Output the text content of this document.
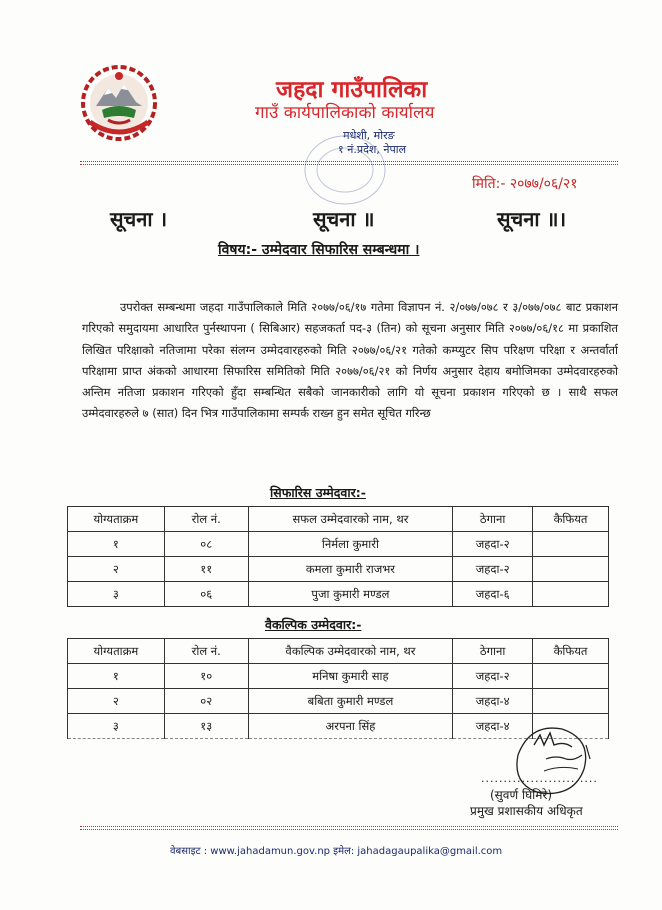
जहदा गाउँपालिका
गाउँ कार्यपालिकाको कार्यालय
मधेशी, मोरङ
१ नं.प्रदेश, नेपाल
मिति:- २०७७/०६/२१
सूचना ।	सूचना ॥	सूचना ॥।
विषय:- उम्मेदवार सिफारिस सम्बन्धमा ।
उपरोक्त सम्बन्धमा जहदा गाउँपालिकाले मिति २०७७/०६/१७ गतेमा विज्ञापन नं. २/०७७/०७८ र ३/०७७/०७८ बाट प्रकाशन गरिएको समुदायमा आधारित पुर्नस्थापना ( सिबिआर) सहजकर्ता पद-३ (तिन) को सूचना अनुसार मिति २०७७/०६/१८ मा प्रकाशित लिखित परिक्षाको नतिजामा परेका संलग्न उम्मेदवारहरुको मिति २०७७/०६/२१ गतेको कम्प्युटर सिप परिक्षण परिक्षा र अन्तर्वार्ता परिक्षामा प्राप्त अंकको आधारमा सिफारिस समितिको मिति २०७७/०६/२१ को निर्णय अनुसार देहाय बमोजिमका उम्मेदवारहरुको अन्तिम नतिजा प्रकाशन गरिएको हुँदा सम्बन्धित सबैको जानकारीको लागि यो सूचना प्रकाशन गरिएको छ । साथै सफल उम्मेदवारहरुले ७ (सात) दिन भित्र गाउँपालिकामा सम्पर्क राख्न हुन समेत सूचित गरिन्छ
सिफारिस उम्मेदवार:-
योग्यताक्रम	रोल नं.	सफल उम्मेदवारको नाम, थर	ठेगाना	कैफियत
१	०८	निर्मला कुमारी	जहदा-२	
२	११	कमला कुमारी राजभर	जहदा-२	
३	०६	पुजा कुमारी मण्डल	जहदा-६	
वैकल्पिक उम्मेदवार:-
योग्यताक्रम	रोल नं.	वैकल्पिक उम्मेदवारको नाम, थर	ठेगाना	कैफियत
१	१०	मनिषा कुमारी साह	जहदा-२	
२	०२	बबिता कुमारी मण्डल	जहदा-४	
३	१३	अरपना सिंह	जहदा-४	
..........................
(सुवर्ण घिमिरे)
प्रमुख प्रशासकीय अधिकृत
वेबसाइट : www.jahadamun.gov.np इमेल: jahadagaupalika@gmail.com
